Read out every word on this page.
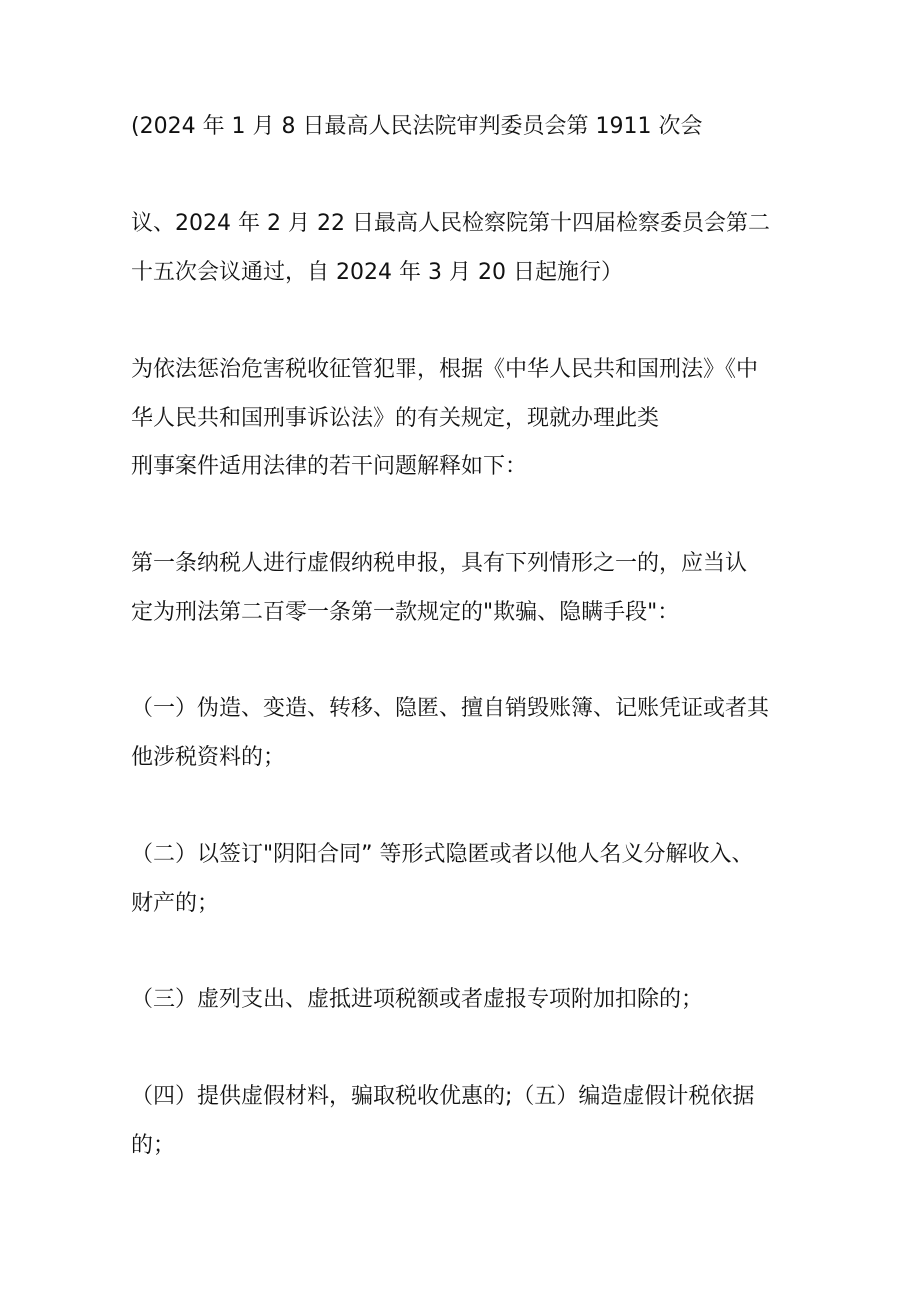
(2024 年 1 月 8 日最高人民法院审判委员会第 1911 次会
议、2024 年 2 月 22 日最高人民检察院第十四届检察委员会第二
十五次会议通过，自 2024 年 3 月 20 日起施行）
为依法惩治危害税收征管犯罪，根据《中华人民共和国刑法》《中
华人民共和国刑事诉讼法》的有关规定，现就办理此类
刑事案件适用法律的若干问题解释如下：
第一条纳税人进行虚假纳税申报，具有下列情形之一的，应当认
定为刑法第二百零一条第一款规定的"欺骗、隐瞒手段"：
（一）伪造、变造、转移、隐匿、擅自销毁账簿、记账凭证或者其
他涉税资料的；
（二）以签订"阴阳合同” 等形式隐匿或者以他人名义分解收入、
财产的；
（三）虚列支出、虚抵进项税额或者虚报专项附加扣除的；
（四）提供虚假材料，骗取税收优惠的;（五）编造虚假计税依据
的；
